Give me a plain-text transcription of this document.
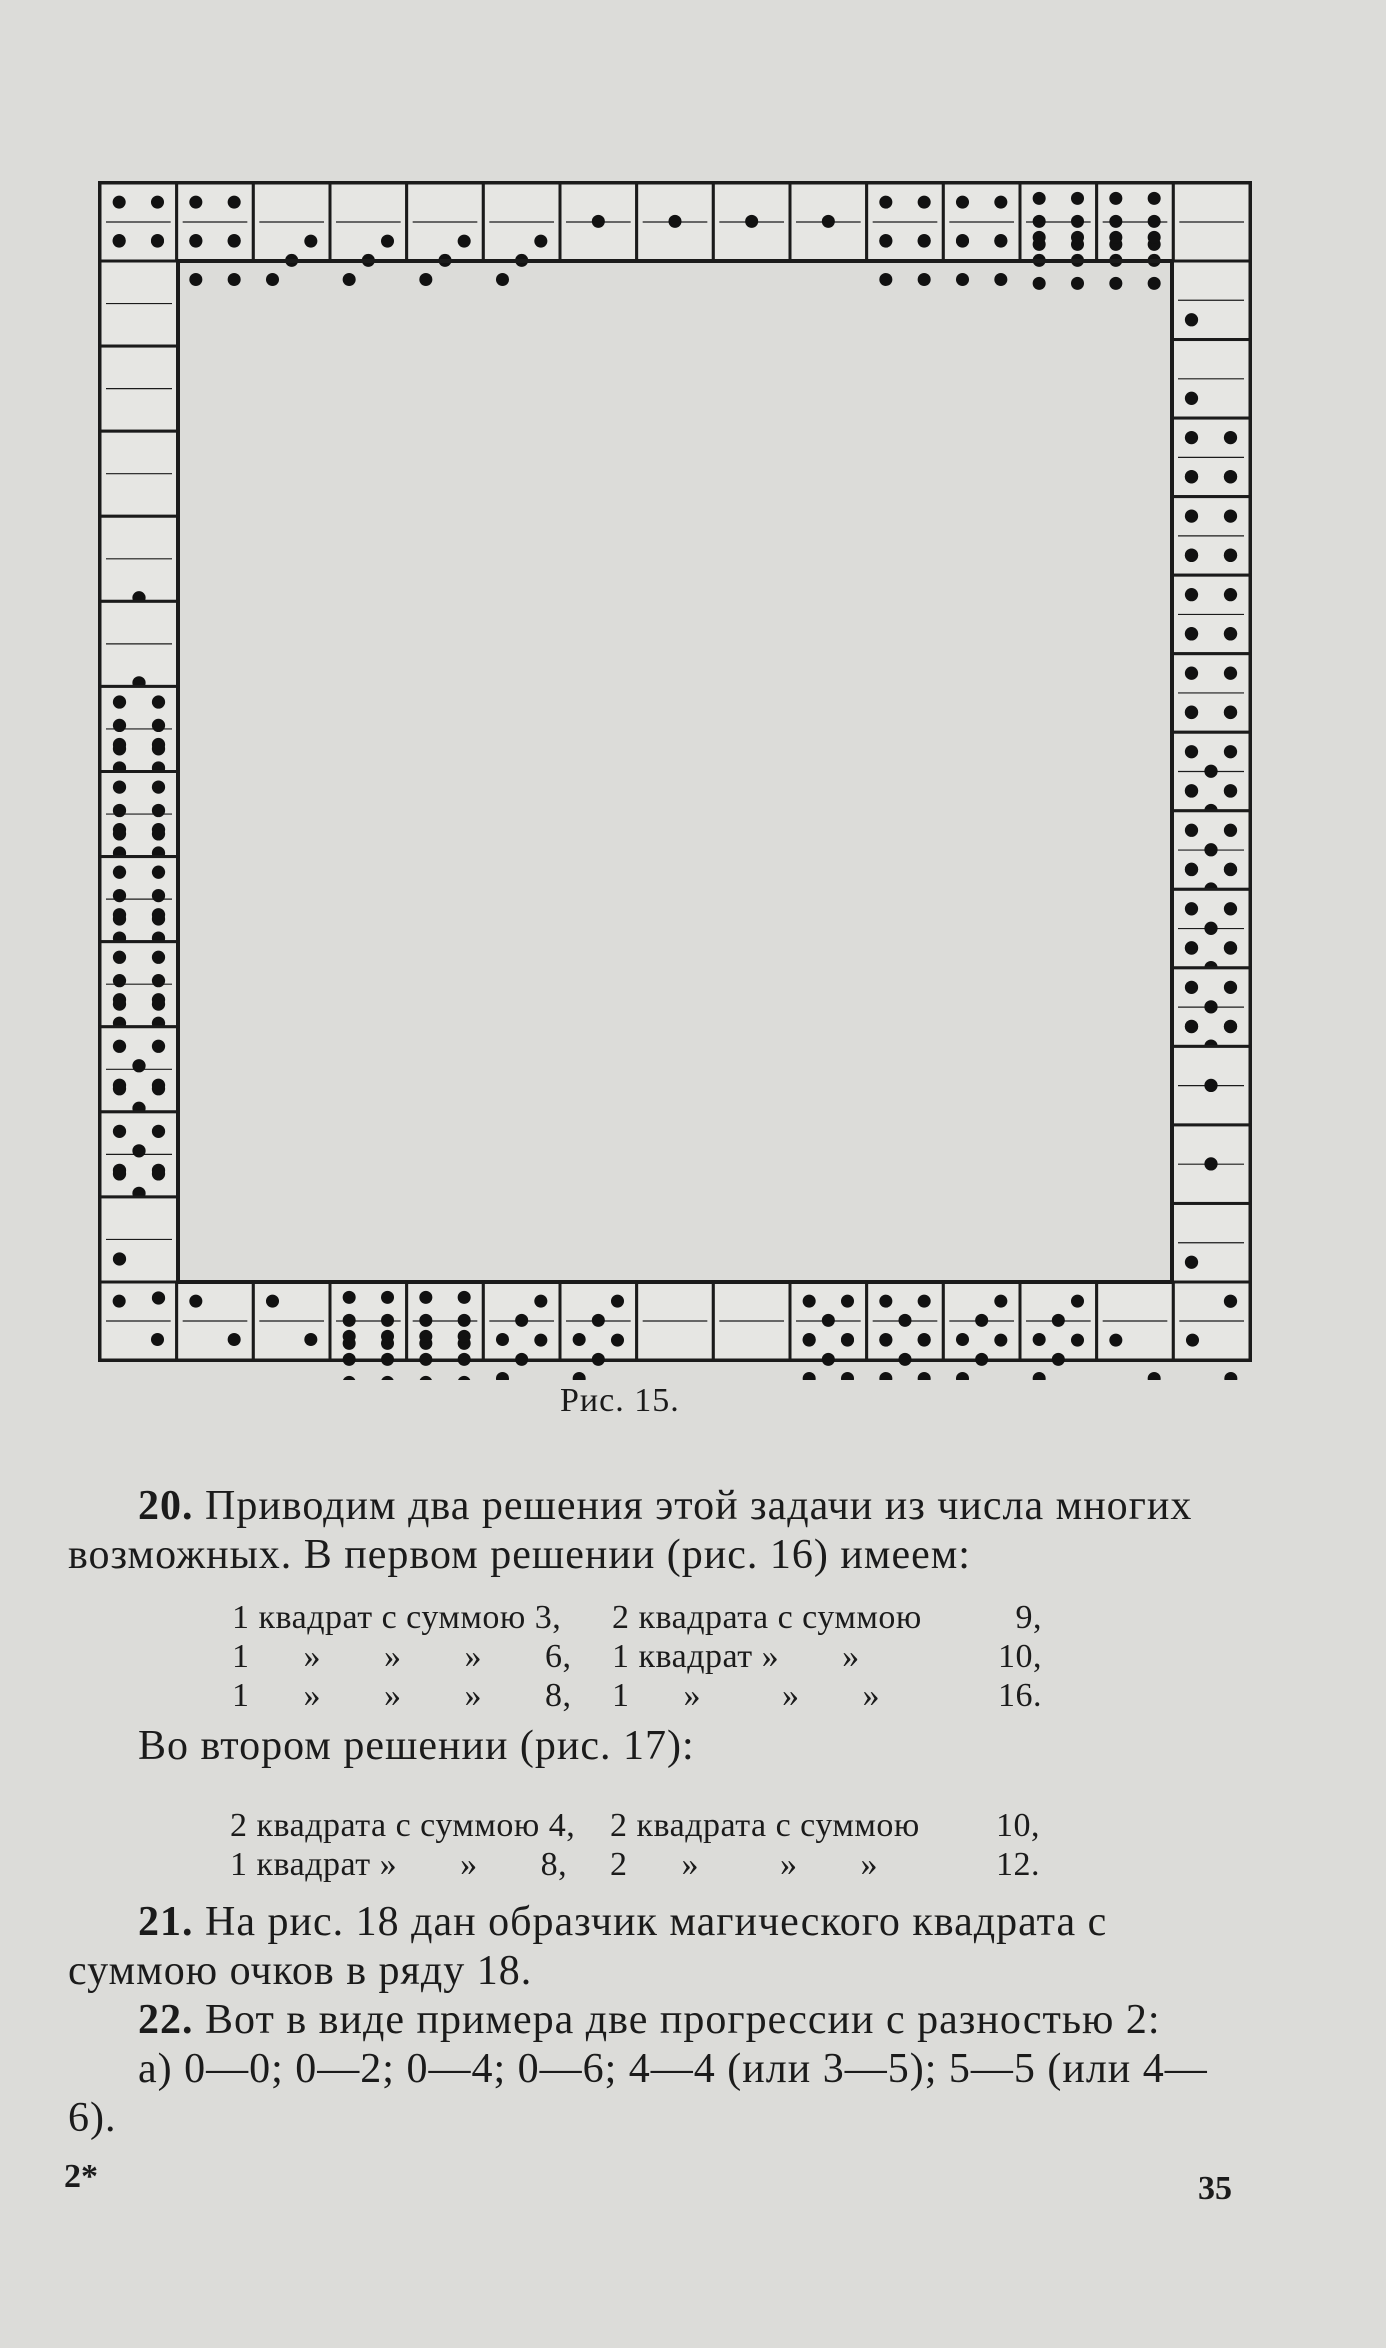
Рис. 15.

20. Приводим два решения этой задачи из числа многих возможных. В первом решении (рис. 16) имеем:

1 квадрат с суммою 3,	2 квадрата с суммою	9,
1      »       »       »       6,	1 квадрат »       »	10,
1      »       »       »       8,	1      »         »       »	16.

Во втором решении (рис. 17):

2 квадрата с суммою 4,	2 квадрата с суммою	10,
1 квадрат »       »       8,	2      »         »       »	12.

21. На рис. 18 дан образчик магического квадрата с суммою очков в ряду 18.

22. Вот в виде примера две прогрессии с разностью 2:

а) 0—0; 0—2; 0—4; 0—6; 4—4 (или 3—5); 5—5 (или 4—6).

2*	35
